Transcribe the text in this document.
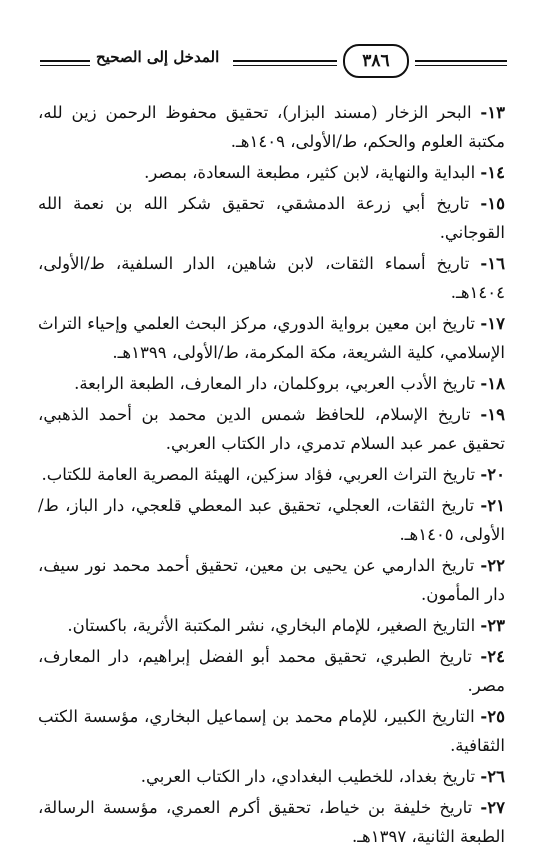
٣٨٦
المدخل إلى الصحيح

١٣- البحر الزخار (مسند البزار)، تحقيق محفوظ الرحمن زين لله، مكتبة العلوم والحكم، ط/الأولى، ١٤٠٩هـ.

١٤- البداية والنهاية، لابن كثير، مطبعة السعادة، بمصر.

١٥- تاريخ أبي زرعة الدمشقي، تحقيق شكر الله بن نعمة الله القوجاني.

١٦- تاريخ أسماء الثقات، لابن شاهين، الدار السلفية، ط/الأولى، ١٤٠٤هـ.

١٧- تاريخ ابن معين برواية الدوري، مركز البحث العلمي وإحياء التراث الإسلامي، كلية الشريعة، مكة المكرمة، ط/الأولى، ١٣٩٩هـ.

١٨- تاريخ الأدب العربي، بروكلمان، دار المعارف، الطبعة الرابعة.

١٩- تاريخ الإسلام، للحافظ شمس الدين محمد بن أحمد الذهبي، تحقيق عمر عبد السلام تدمري، دار الكتاب العربي.

٢٠- تاريخ التراث العربي، فؤاد سزكين، الهيئة المصرية العامة للكتاب.

٢١- تاريخ الثقات، العجلي، تحقيق عبد المعطي قلعجي، دار الباز، ط/الأولى، ١٤٠٥هـ.

٢٢- تاريخ الدارمي عن يحيى بن معين، تحقيق أحمد محمد نور سيف، دار المأمون.

٢٣- التاريخ الصغير، للإمام البخاري، نشر المكتبة الأثرية، باكستان.

٢٤- تاريخ الطبري، تحقيق محمد أبو الفضل إبراهيم، دار المعارف، مصر.

٢٥- التاريخ الكبير، للإمام محمد بن إسماعيل البخاري، مؤسسة الكتب الثقافية.

٢٦- تاريخ بغداد، للخطيب البغدادي، دار الكتاب العربي.

٢٧- تاريخ خليفة بن خياط، تحقيق أكرم العمري، مؤسسة الرسالة، الطبعة الثانية، ١٣٩٧هـ.
